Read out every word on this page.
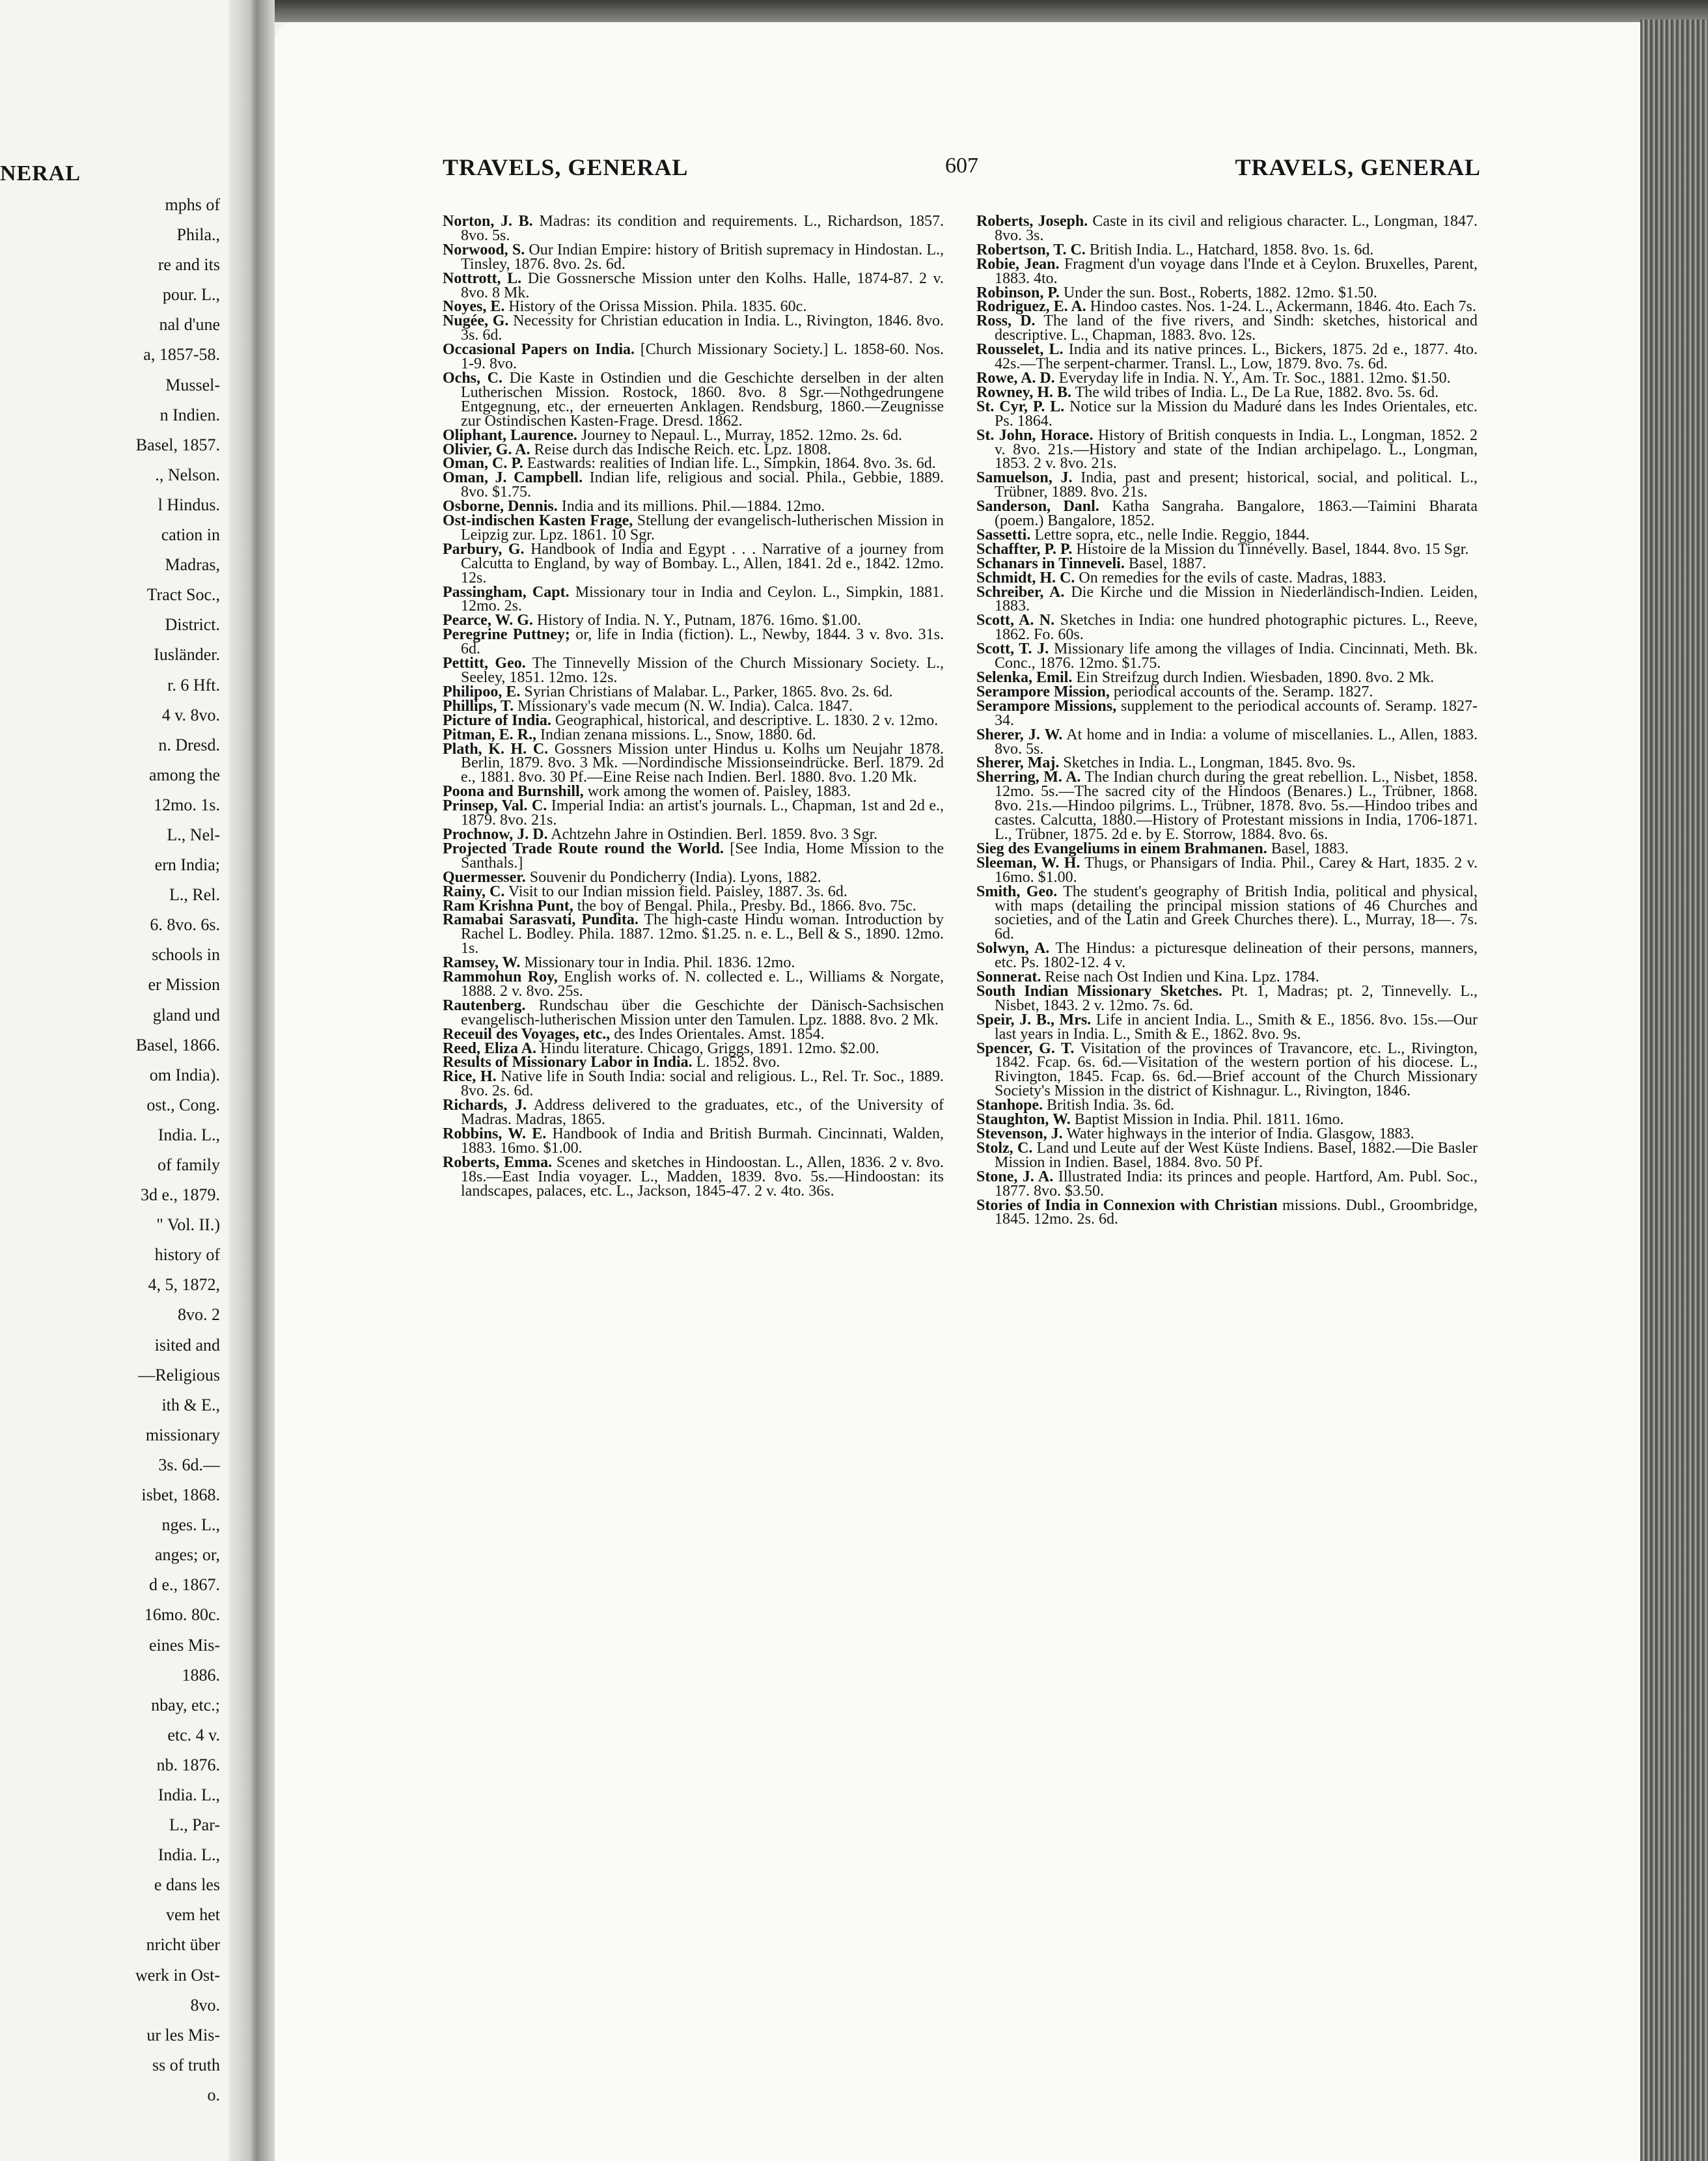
NERAL
mphs of
Phila.,
re and its
pour. L.,
nal d'une
a, 1857-58.
Mussel-
n Indien.
Basel, 1857.
., Nelson.
l Hindus.
cation in
Madras,
Tract Soc.,
District.
Iusländer.
r. 6 Hft.
4 v. 8vo.
n. Dresd.
among the
12mo. 1s.
L., Nel-
ern India;
L., Rel.
6. 8vo. 6s.
schools in
er Mission
gland und
Basel, 1866.
om India).
ost., Cong.
India. L.,
of family
3d e., 1879.
" Vol. II.)
history of
4, 5, 1872,
8vo. 2
isited and
—Religious
ith & E.,
missionary
3s. 6d.—
isbet, 1868.
nges. L.,
anges; or,
d e., 1867.
16mo. 80c.
eines Mis-
1886.
nbay, etc.;
etc. 4 v.
nb. 1876.
India. L.,
L., Par-
India. L.,
e dans les
vem het
nricht über
werk in Ost-
8vo.
ur les Mis-
ss of truth
o.
TRAVELS, GENERAL	607	TRAVELS, GENERAL

Norton, J. B. Madras: its condition and requirements. L., Richardson, 1857. 8vo. 5s.

Norwood, S. Our Indian Empire: history of British supremacy in Hindostan. L., Tinsley, 1876. 8vo. 2s. 6d.

Nottrott, L. Die Gossnersche Mission unter den Kolhs. Halle, 1874-87. 2 v. 8vo. 8 Mk.

Noyes, E. History of the Orissa Mission. Phila. 1835. 60c.

Nugée, G. Necessity for Christian education in India. L., Rivington, 1846. 8vo. 3s. 6d.

Occasional Papers on India. [Church Missionary Society.] L. 1858-60. Nos. 1-9. 8vo.

Ochs, C. Die Kaste in Ostindien und die Geschichte derselben in der alten Lutherischen Mission. Rostock, 1860. 8vo. 8 Sgr.—Nothgedrungene Entgegnung, etc., der erneuerten Anklagen. Rendsburg, 1860.—Zeugnisse zur Ostindischen Kasten-Frage. Dresd. 1862.

Oliphant, Laurence. Journey to Nepaul. L., Murray, 1852. 12mo. 2s. 6d.

Olivier, G. A. Reise durch das Indische Reich. etc. Lpz. 1808.

Oman, C. P. Eastwards: realities of Indian life. L., Simpkin, 1864. 8vo. 3s. 6d.

Oman, J. Campbell. Indian life, religious and social. Phila., Gebbie, 1889. 8vo. $1.75.

Osborne, Dennis. India and its millions. Phil.—1884. 12mo.

Ost-indischen Kasten Frage, Stellung der evangelisch-lutherischen Mission in Leipzig zur. Lpz. 1861. 10 Sgr.

Parbury, G. Handbook of India and Egypt . . . Narrative of a journey from Calcutta to England, by way of Bombay. L., Allen, 1841. 2d e., 1842. 12mo. 12s.

Passingham, Capt. Missionary tour in India and Ceylon. L., Simpkin, 1881. 12mo. 2s.

Pearce, W. G. History of India. N. Y., Putnam, 1876. 16mo. $1.00.

Peregrine Puttney; or, life in India (fiction). L., Newby, 1844. 3 v. 8vo. 31s. 6d.

Pettitt, Geo. The Tinnevelly Mission of the Church Missionary Society. L., Seeley, 1851. 12mo. 12s.

Philipoo, E. Syrian Christians of Malabar. L., Parker, 1865. 8vo. 2s. 6d.

Phillips, T. Missionary's vade mecum (N. W. India). Calca. 1847.

Picture of India. Geographical, historical, and descriptive. L. 1830. 2 v. 12mo.

Pitman, E. R., Indian zenana missions. L., Snow, 1880. 6d.

Plath, K. H. C. Gossners Mission unter Hindus u. Kolhs um Neujahr 1878. Berlin, 1879. 8vo. 3 Mk. —Nordindische Missionseindrücke. Berl. 1879. 2d e., 1881. 8vo. 30 Pf.—Eine Reise nach Indien. Berl. 1880. 8vo. 1.20 Mk.

Poona and Burnshill, work among the women of. Paisley, 1883.

Prinsep, Val. C. Imperial India: an artist's journals. L., Chapman, 1st and 2d e., 1879. 8vo. 21s.

Prochnow, J. D. Achtzehn Jahre in Ostindien. Berl. 1859. 8vo. 3 Sgr.

Projected Trade Route round the World. [See India, Home Mission to the Santhals.]

Quermesser. Souvenir du Pondicherry (India). Lyons, 1882.

Rainy, C. Visit to our Indian mission field. Paisley, 1887. 3s. 6d.

Ram Krishna Punt, the boy of Bengal. Phila., Presby. Bd., 1866. 8vo. 75c.

Ramabai Sarasvati, Pundita. The high-caste Hindu woman. Introduction by Rachel L. Bodley. Phila. 1887. 12mo. $1.25. n. e. L., Bell & S., 1890. 12mo. 1s.

Ramsey, W. Missionary tour in India. Phil. 1836. 12mo.

Rammohun Roy, English works of. N. collected e. L., Williams & Norgate, 1888. 2 v. 8vo. 25s.

Rautenberg. Rundschau über die Geschichte der Dänisch-Sachsischen evangelisch-lutherischen Mission unter den Tamulen. Lpz. 1888. 8vo. 2 Mk.

Receuil des Voyages, etc., des Indes Orientales. Amst. 1854.

Reed, Eliza A. Hindu literature. Chicago, Griggs, 1891. 12mo. $2.00.

Results of Missionary Labor in India. L. 1852. 8vo.

Rice, H. Native life in South India: social and religious. L., Rel. Tr. Soc., 1889. 8vo. 2s. 6d.

Richards, J. Address delivered to the graduates, etc., of the University of Madras. Madras, 1865.

Robbins, W. E. Handbook of India and British Burmah. Cincinnati, Walden, 1883. 16mo. $1.00.

Roberts, Emma. Scenes and sketches in Hindoostan. L., Allen, 1836. 2 v. 8vo. 18s.—East India voyager. L., Madden, 1839. 8vo. 5s.—Hindoostan: its landscapes, palaces, etc. L., Jackson, 1845-47. 2 v. 4to. 36s.

Roberts, Joseph. Caste in its civil and religious character. L., Longman, 1847. 8vo. 3s.

Robertson, T. C. British India. L., Hatchard, 1858. 8vo. 1s. 6d.

Robie, Jean. Fragment d'un voyage dans l'Inde et à Ceylon. Bruxelles, Parent, 1883. 4to.

Robinson, P. Under the sun. Bost., Roberts, 1882. 12mo. $1.50.

Rodriguez, E. A. Hindoo castes. Nos. 1-24. L., Ackermann, 1846. 4to. Each 7s.

Ross, D. The land of the five rivers, and Sindh: sketches, historical and descriptive. L., Chapman, 1883. 8vo. 12s.

Rousselet, L. India and its native princes. L., Bickers, 1875. 2d e., 1877. 4to. 42s.—The serpent-charmer. Transl. L., Low, 1879. 8vo. 7s. 6d.

Rowe, A. D. Everyday life in India. N. Y., Am. Tr. Soc., 1881. 12mo. $1.50.

Rowney, H. B. The wild tribes of India. L., De La Rue, 1882. 8vo. 5s. 6d.

St. Cyr, P. L. Notice sur la Mission du Maduré dans les Indes Orientales, etc. Ps. 1864.

St. John, Horace. History of British conquests in India. L., Longman, 1852. 2 v. 8vo. 21s.—History and state of the Indian archipelago. L., Longman, 1853. 2 v. 8vo. 21s.

Samuelson, J. India, past and present; historical, social, and political. L., Trübner, 1889. 8vo. 21s.

Sanderson, Danl. Katha Sangraha. Bangalore, 1863.—Taimini Bharata (poem.) Bangalore, 1852.

Sassetti. Lettre sopra, etc., nelle Indie. Reggio, 1844.

Schaffter, P. P. Histoire de la Mission du Tinnévelly. Basel, 1844. 8vo. 15 Sgr.

Schanars in Tinneveli. Basel, 1887.

Schmidt, H. C. On remedies for the evils of caste. Madras, 1883.

Schreiber, A. Die Kirche und die Mission in Niederländisch-Indien. Leiden, 1883.

Scott, A. N. Sketches in India: one hundred photographic pictures. L., Reeve, 1862. Fo. 60s.

Scott, T. J. Missionary life among the villages of India. Cincinnati, Meth. Bk. Conc., 1876. 12mo. $1.75.

Selenka, Emil. Ein Streifzug durch Indien. Wiesbaden, 1890. 8vo. 2 Mk.

Serampore Mission, periodical accounts of the. Seramp. 1827.

Serampore Missions, supplement to the periodical accounts of. Seramp. 1827-34.

Sherer, J. W. At home and in India: a volume of miscellanies. L., Allen, 1883. 8vo. 5s.

Sherer, Maj. Sketches in India. L., Longman, 1845. 8vo. 9s.

Sherring, M. A. The Indian church during the great rebellion. L., Nisbet, 1858. 12mo. 5s.—The sacred city of the Hindoos (Benares.) L., Trübner, 1868. 8vo. 21s.—Hindoo pilgrims. L., Trübner, 1878. 8vo. 5s.—Hindoo tribes and castes. Calcutta, 1880.—History of Protestant missions in India, 1706-1871. L., Trübner, 1875. 2d e. by E. Storrow, 1884. 8vo. 6s.

Sieg des Evangeliums in einem Brahmanen. Basel, 1883.

Sleeman, W. H. Thugs, or Phansigars of India. Phil., Carey & Hart, 1835. 2 v. 16mo. $1.00.

Smith, Geo. The student's geography of British India, political and physical, with maps (detailing the principal mission stations of 46 Churches and societies, and of the Latin and Greek Churches there). L., Murray, 18—. 7s. 6d.

Solwyn, A. The Hindus: a picturesque delineation of their persons, manners, etc. Ps. 1802-12. 4 v.

Sonnerat. Reise nach Ost Indien und Kina. Lpz. 1784.

South Indian Missionary Sketches. Pt. 1, Madras; pt. 2, Tinnevelly. L., Nisbet, 1843. 2 v. 12mo. 7s. 6d.

Speir, J. B., Mrs. Life in ancient India. L., Smith & E., 1856. 8vo. 15s.—Our last years in India. L., Smith & E., 1862. 8vo. 9s.

Spencer, G. T. Visitation of the provinces of Travancore, etc. L., Rivington, 1842. Fcap. 6s. 6d.—Visitation of the western portion of his diocese. L., Rivington, 1845. Fcap. 6s. 6d.—Brief account of the Church Missionary Society's Mission in the district of Kishnagur. L., Rivington, 1846.

Stanhope. British India. 3s. 6d.

Staughton, W. Baptist Mission in India. Phil. 1811. 16mo.

Stevenson, J. Water highways in the interior of India. Glasgow, 1883.

Stolz, C. Land und Leute auf der West Küste Indiens. Basel, 1882.—Die Basler Mission in Indien. Basel, 1884. 8vo. 50 Pf.

Stone, J. A. Illustrated India: its princes and people. Hartford, Am. Publ. Soc., 1877. 8vo. $3.50.

Stories of India in Connexion with Christian missions. Dubl., Groombridge, 1845. 12mo. 2s. 6d.
